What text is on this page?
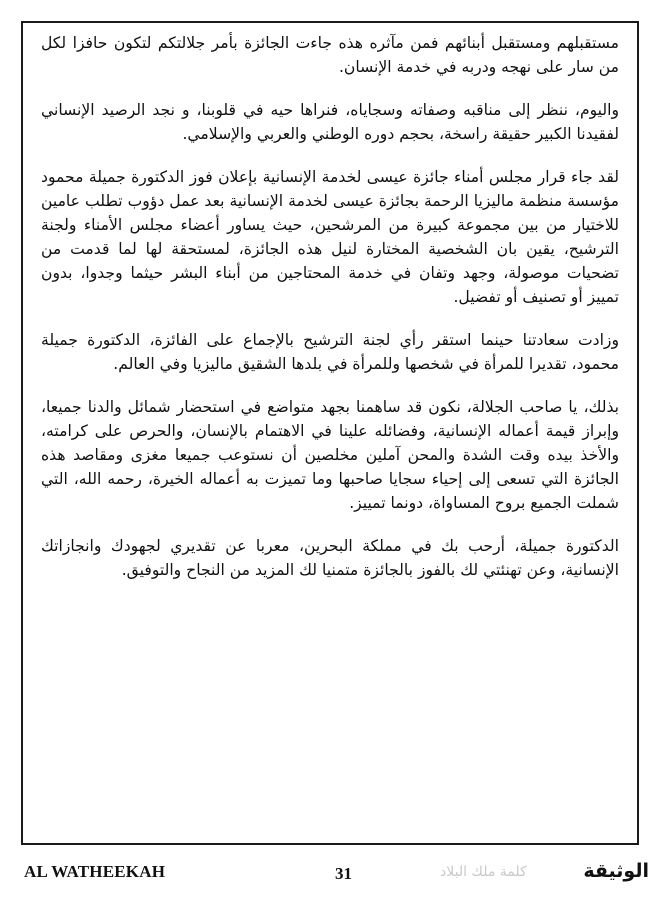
مستقبلهم ومستقبل أبنائهم فمن مآثره هذه جاءت الجائزة بأمر جلالتكم لتكون حافزا لكل من سار على نهجه ودربه في خدمة الإنسان.

واليوم، ننظر إلى مناقبه وصفاته وسجاياه، فنراها حيه في قلوبنا، و نجد الرصيد الإنساني لفقيدنا الكبير حقيقة راسخة، بحجم دوره الوطني والعربي والإسلامي.

لقد جاء قرار مجلس أمناء جائزة عيسى لخدمة الإنسانية بإعلان فوز الدكتورة جميلة محمود مؤسسة منظمة ماليزيا الرحمة بجائزة عيسى لخدمة الإنسانية بعد عمل دؤوب تطلب عامين للاختيار من بين مجموعة كبيرة من المرشحين، حيث يساور أعضاء مجلس الأمناء ولجنة الترشيح، يقين بان الشخصية المختارة لنيل هذه الجائزة، لمستحقة لها لما قدمت من تضحيات موصولة، وجهد وتفان في خدمة المحتاجين من أبناء البشر حيثما وجدوا، بدون تمييز أو تصنيف أو تفضيل.

وزادت سعادتنا حينما استقر رأي لجنة الترشيح بالإجماع على الفائزة، الدكتورة جميلة محمود، تقديرا للمرأة في شخصها وللمرأة في بلدها الشقيق ماليزيا وفي العالم.

بذلك، يا صاحب الجلالة، نكون قد ساهمنا بجهد متواضع في استحضار شمائل والدنا جميعا، وإبراز قيمة أعماله الإنسانية، وفضائله علينا في الاهتمام بالإنسان، والحرص على كرامته، والأخذ بيده وقت الشدة والمحن آملين مخلصين أن نستوعب جميعا مغزى ومقاصد هذه الجائزة التي تسعى إلى إحياء سجايا صاحبها وما تميزت به أعماله الخيرة، رحمه الله، التي شملت الجميع بروح المساواة، دونما تمييز.

الدكتورة جميلة، أرحب بك في مملكة البحرين، معربا عن تقديري لجهودك وانجازاتك الإنسانية، وعن تهنئتي لك بالفوز بالجائزة متمنيا لك المزيد من النجاح والتوفيق.

AL WATHEEKAH	31	كلمة ملك البلاد	الوثيقة
